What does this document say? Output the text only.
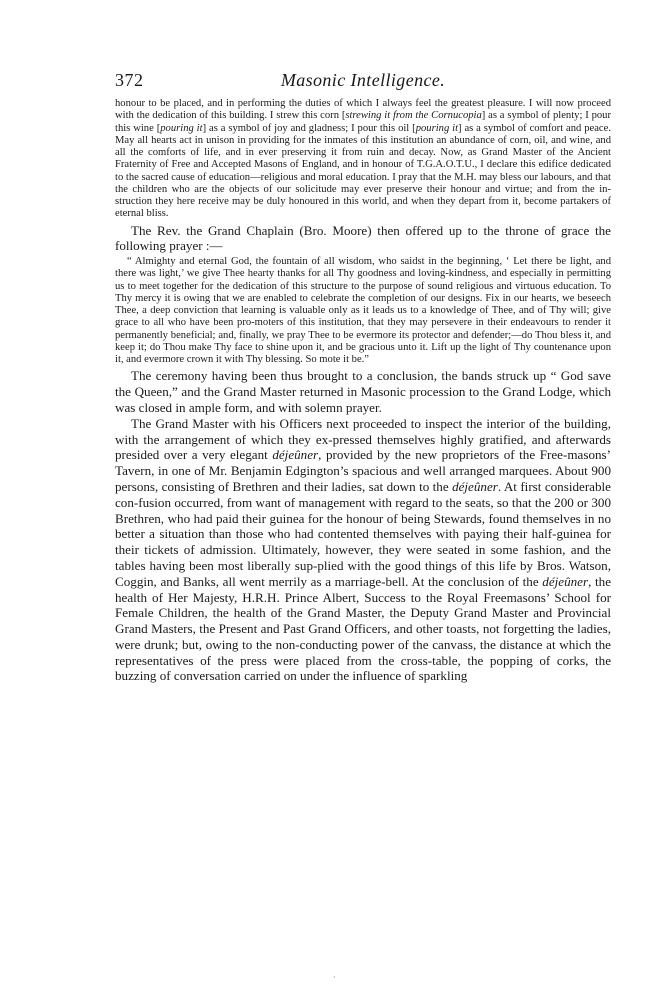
372	Masonic Intelligence.

honour to be placed, and in performing the duties of which I always feel the greatest pleasure. I will now proceed with the dedication of this building. I strew this corn [strewing it from the Cornucopia] as a symbol of plenty; I pour this wine [pouring it] as a symbol of joy and gladness; I pour this oil [pouring it] as a symbol of comfort and peace. May all hearts act in unison in providing for the inmates of this institution an abundance of corn, oil, and wine, and all the comforts of life, and in ever preserving it from ruin and decay. Now, as Grand Master of the Ancient Fraternity of Free and Accepted Masons of England, and in honour of T.G.A.O.T.U., I declare this edifice dedicated to the sacred cause of education—religious and moral education. I pray that the M.H. may bless our labours, and that the children who are the objects of our solicitude may ever preserve their honour and virtue; and from the in-struction they here receive may be duly honoured in this world, and when they depart from it, become partakers of eternal bliss.

The Rev. the Grand Chaplain (Bro. Moore) then offered up to the throne of grace the following prayer :—

“ Almighty and eternal God, the fountain of all wisdom, who saidst in the beginning, ‘ Let there be light, and there was light,’ we give Thee hearty thanks for all Thy goodness and loving-kindness, and especially in permitting us to meet together for the dedication of this structure to the purpose of sound religious and virtuous education. To Thy mercy it is owing that we are enabled to celebrate the completion of our designs. Fix in our hearts, we beseech Thee, a deep conviction that learning is valuable only as it leads us to a knowledge of Thee, and of Thy will; give grace to all who have been pro-moters of this institution, that they may persevere in their endeavours to render it permanently beneficial; and, finally, we pray Thee to be evermore its protector and defender;—do Thou bless it, and keep it; do Thou make Thy face to shine upon it, and be gracious unto it. Lift up the light of Thy countenance upon it, and evermore crown it with Thy blessing. So mote it be.”

The ceremony having been thus brought to a conclusion, the bands struck up “ God save the Queen,” and the Grand Master returned in Masonic procession to the Grand Lodge, which was closed in ample form, and with solemn prayer.

The Grand Master with his Officers next proceeded to inspect the interior of the building, with the arrangement of which they ex-pressed themselves highly gratified, and afterwards presided over a very elegant déjeûner, provided by the new proprietors of the Free-masons’ Tavern, in one of Mr. Benjamin Edgington’s spacious and well arranged marquees. About 900 persons, consisting of Brethren and their ladies, sat down to the déjeûner. At first considerable con-fusion occurred, from want of management with regard to the seats, so that the 200 or 300 Brethren, who had paid their guinea for the honour of being Stewards, found themselves in no better a situation than those who had contented themselves with paying their half-guinea for their tickets of admission. Ultimately, however, they were seated in some fashion, and the tables having been most liberally sup-plied with the good things of this life by Bros. Watson, Coggin, and Banks, all went merrily as a marriage-bell. At the conclusion of the déjeûner, the health of Her Majesty, H.R.H. Prince Albert, Success to the Royal Freemasons’ School for Female Children, the health of the Grand Master, the Deputy Grand Master and Provincial Grand Masters, the Present and Past Grand Officers, and other toasts, not forgetting the ladies, were drunk; but, owing to the non-conducting power of the canvass, the distance at which the representatives of the press were placed from the cross-table, the popping of corks, the buzzing of conversation carried on under the influence of sparkling

·
